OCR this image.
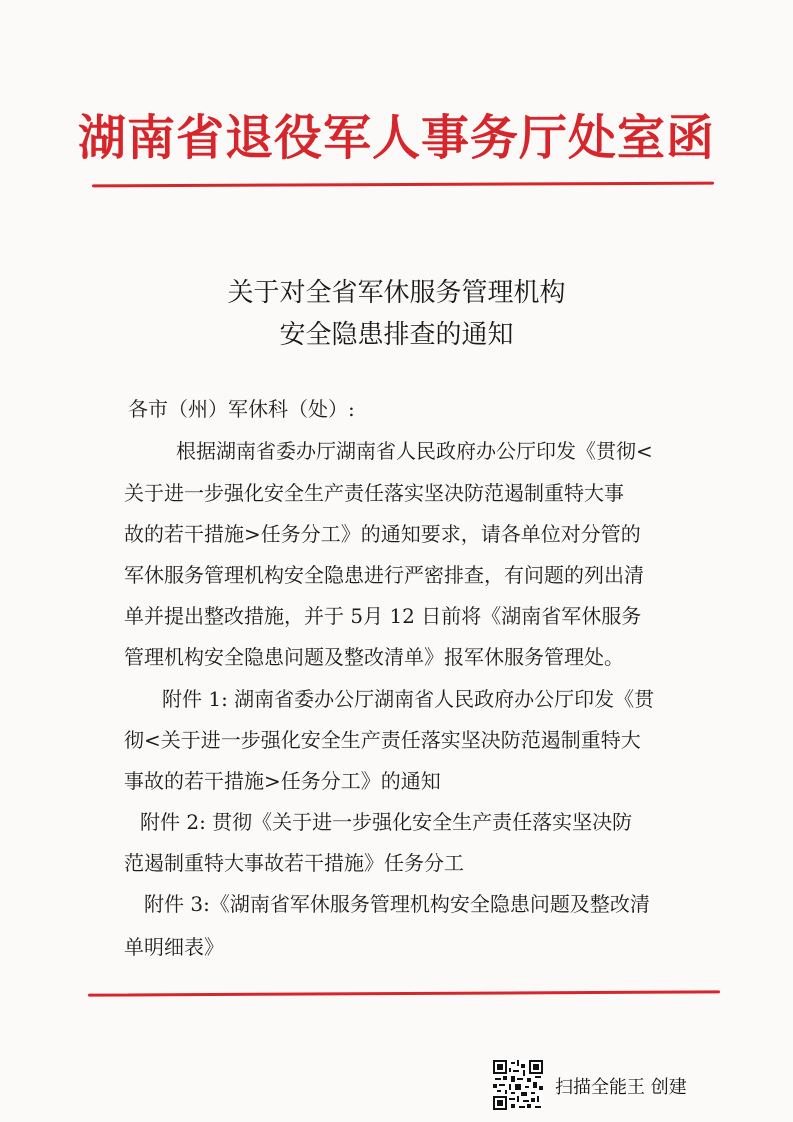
湖南省退役军人事务厅处室函
关于对全省军休服务管理机构
安全隐患排查的通知
各市（州）军休科（处）:
根据湖南省委办厅湖南省人民政府办公厅印发《贯彻<
关于进一步强化安全生产责任落实坚决防范遏制重特大事
故的若干措施>任务分工》的通知要求，请各单位对分管的
军休服务管理机构安全隐患进行严密排查，有问题的列出清
单并提出整改措施，并于 5月 12 日前将《湖南省军休服务
管理机构安全隐患问题及整改清单》报军休服务管理处。
附件 1: 湖南省委办公厅湖南省人民政府办公厅印发《贯
彻<关于进一步强化安全生产责任落实坚决防范遏制重特大
事故的若干措施>任务分工》的通知
附件 2: 贯彻《关于进一步强化安全生产责任落实坚决防
范遏制重特大事故若干措施》任务分工
附件 3:《湖南省军休服务管理机构安全隐患问题及整改清
单明细表》
扫描全能王 创建
